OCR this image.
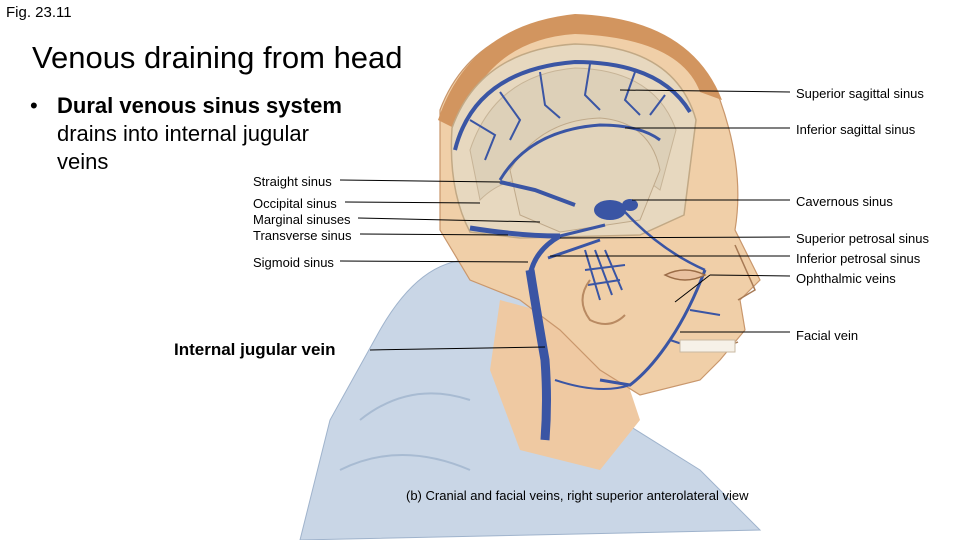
Fig. 23.11
Venous draining from head
• Dural venous sinus system
drains into internal jugular veins
Superior sagittal sinus
Inferior sagittal sinus
Cavernous sinus
Superior petrosal sinus
Inferior petrosal sinus
Ophthalmic veins
Facial vein
Straight sinus
Occipital sinus
Marginal sinuses
Transverse sinus
Sigmoid sinus
Internal jugular vein
(b) Cranial and facial veins, right superior anterolateral view
